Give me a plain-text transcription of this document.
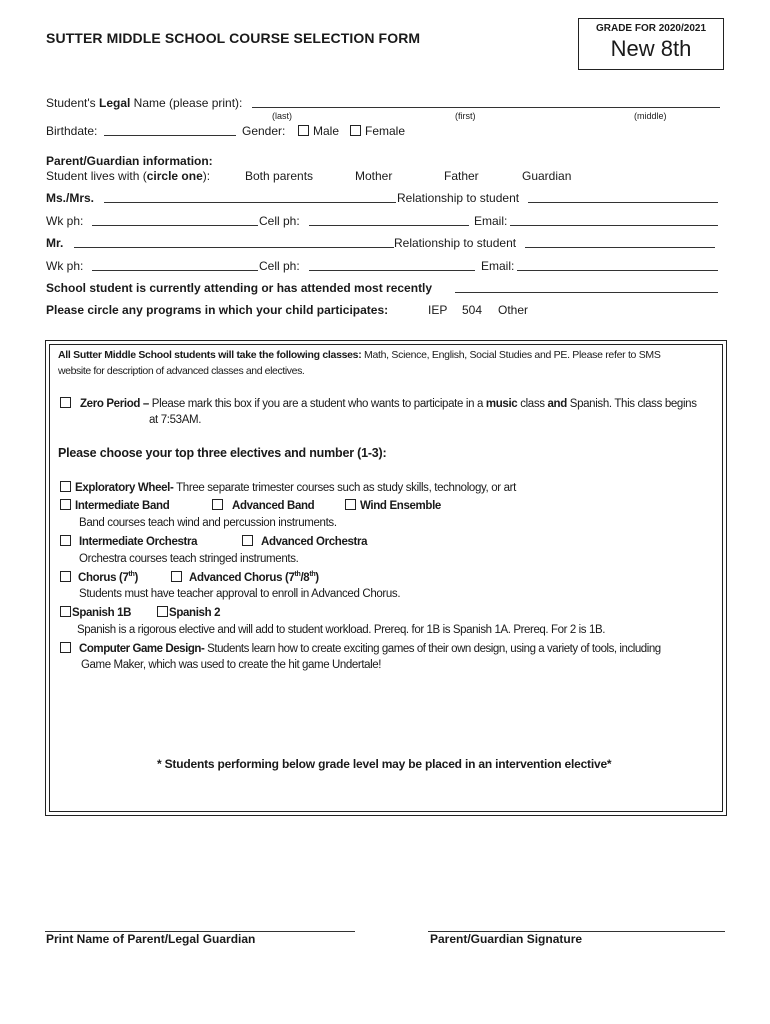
SUTTER MIDDLE SCHOOL COURSE SELECTION FORM
GRADE FOR 2020/2021
New 8th
Student's Legal Name (please print):
(last)	(first)	(middle)
Birthdate:	Gender:	Male	Female
Parent/Guardian information:
Student lives with (circle one):	Both parents	Mother	Father	Guardian
Ms./Mrs.	Relationship to student
Wk ph:	Cell ph:	Email:
Mr.	Relationship to student
Wk ph:	Cell ph:	Email:
School student is currently attending or has attended most recently
Please circle any programs in which your child participates:	IEP 504 Other
All Sutter Middle School students will take the following classes: Math, Science, English, Social Studies and PE. Please refer to SMS
website for description of advanced classes and electives.
Zero Period – Please mark this box if you are a student who wants to participate in a music class and Spanish. This class begins
at 7:53AM.
Please choose your top three electives and number (1-3):
Exploratory Wheel- Three separate trimester courses such as study skills, technology, or art
Intermediate Band	Advanced Band	Wind Ensemble
Band courses teach wind and percussion instruments.
Intermediate Orchestra	Advanced Orchestra
Orchestra courses teach stringed instruments.
Chorus (7th)	Advanced Chorus (7th/8th)
Students must have teacher approval to enroll in Advanced Chorus.
Spanish 1B	Spanish 2
Spanish is a rigorous elective and will add to student workload. Prereq. for 1B is Spanish 1A. Prereq. For 2 is 1B.
Computer Game Design- Students learn how to create exciting games of their own design, using a variety of tools, including
Game Maker, which was used to create the hit game Undertale!
* Students performing below grade level may be placed in an intervention elective*
Print Name of Parent/Legal Guardian	Parent/Guardian Signature
